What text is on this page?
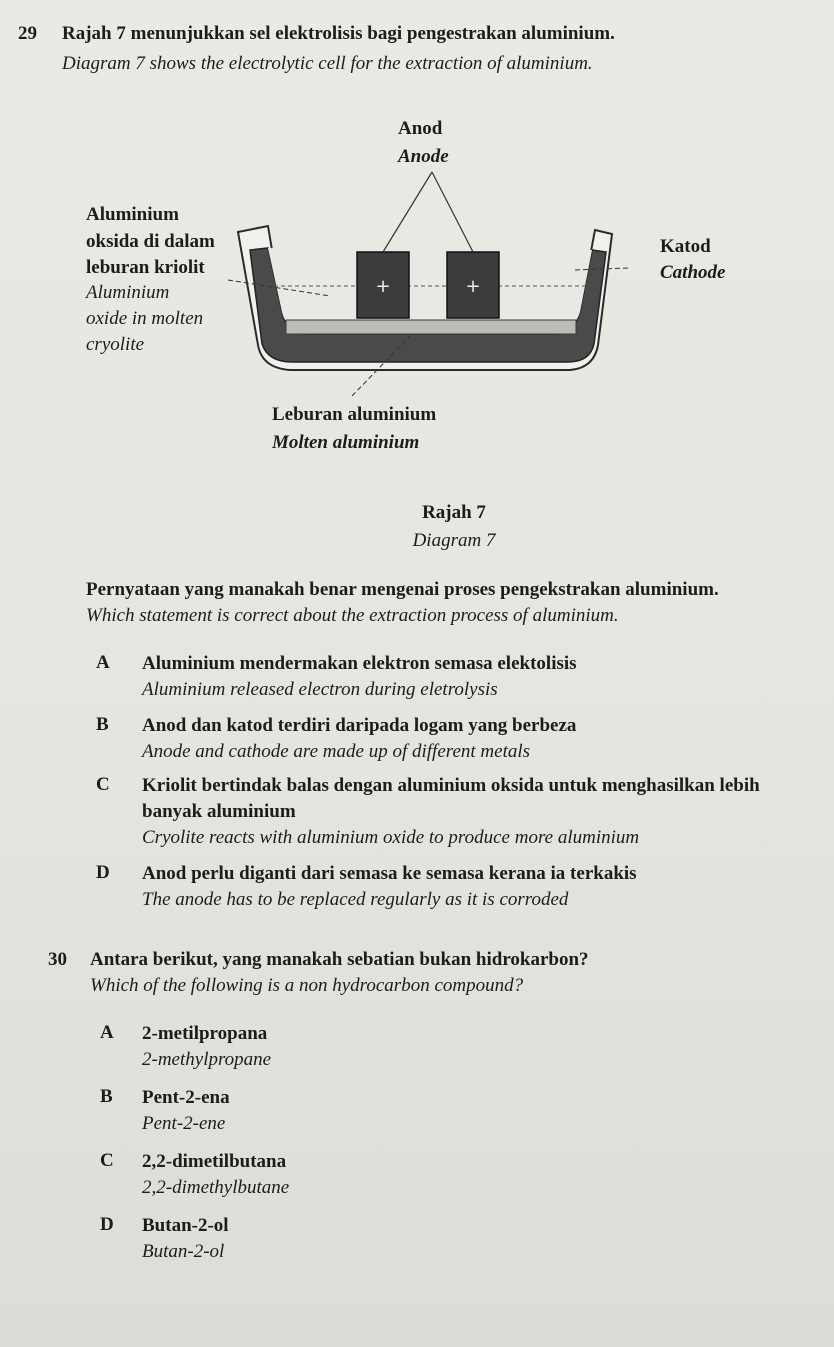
29 Rajah 7 menunjukkan sel elektrolisis bagi pengestrakan aluminium.
Diagram 7 shows the electrolytic cell for the extraction of aluminium.
+	+
Anod
Anode
Aluminium
oksida di dalam
leburan kriolit
Aluminium
oxide in molten
cryolite
Katod
Cathode
Leburan aluminium
Molten aluminium
Rajah 7
Diagram 7
Pernyataan yang manakah benar mengenai proses pengekstrakan aluminium.
Which statement is correct about the extraction process of aluminium.
A Aluminium mendermakan elektron semasa elektolisis
Aluminium released electron during eletrolysis
B Anod dan katod terdiri daripada logam yang berbeza
Anode and cathode are made up of different metals
C Kriolit bertindak balas dengan aluminium oksida untuk menghasilkan lebih
banyak aluminium
Cryolite reacts with aluminium oxide to produce more aluminium
D Anod perlu diganti dari semasa ke semasa kerana ia terkakis
The anode has to be replaced regularly as it is corroded
30 Antara berikut, yang manakah sebatian bukan hidrokarbon?
Which of the following is a non hydrocarbon compound?
A 2-metilpropana
2-methylpropane
B Pent-2-ena
Pent-2-ene
C 2,2-dimetilbutana
2,2-dimethylbutane
D Butan-2-ol
Butan-2-ol
